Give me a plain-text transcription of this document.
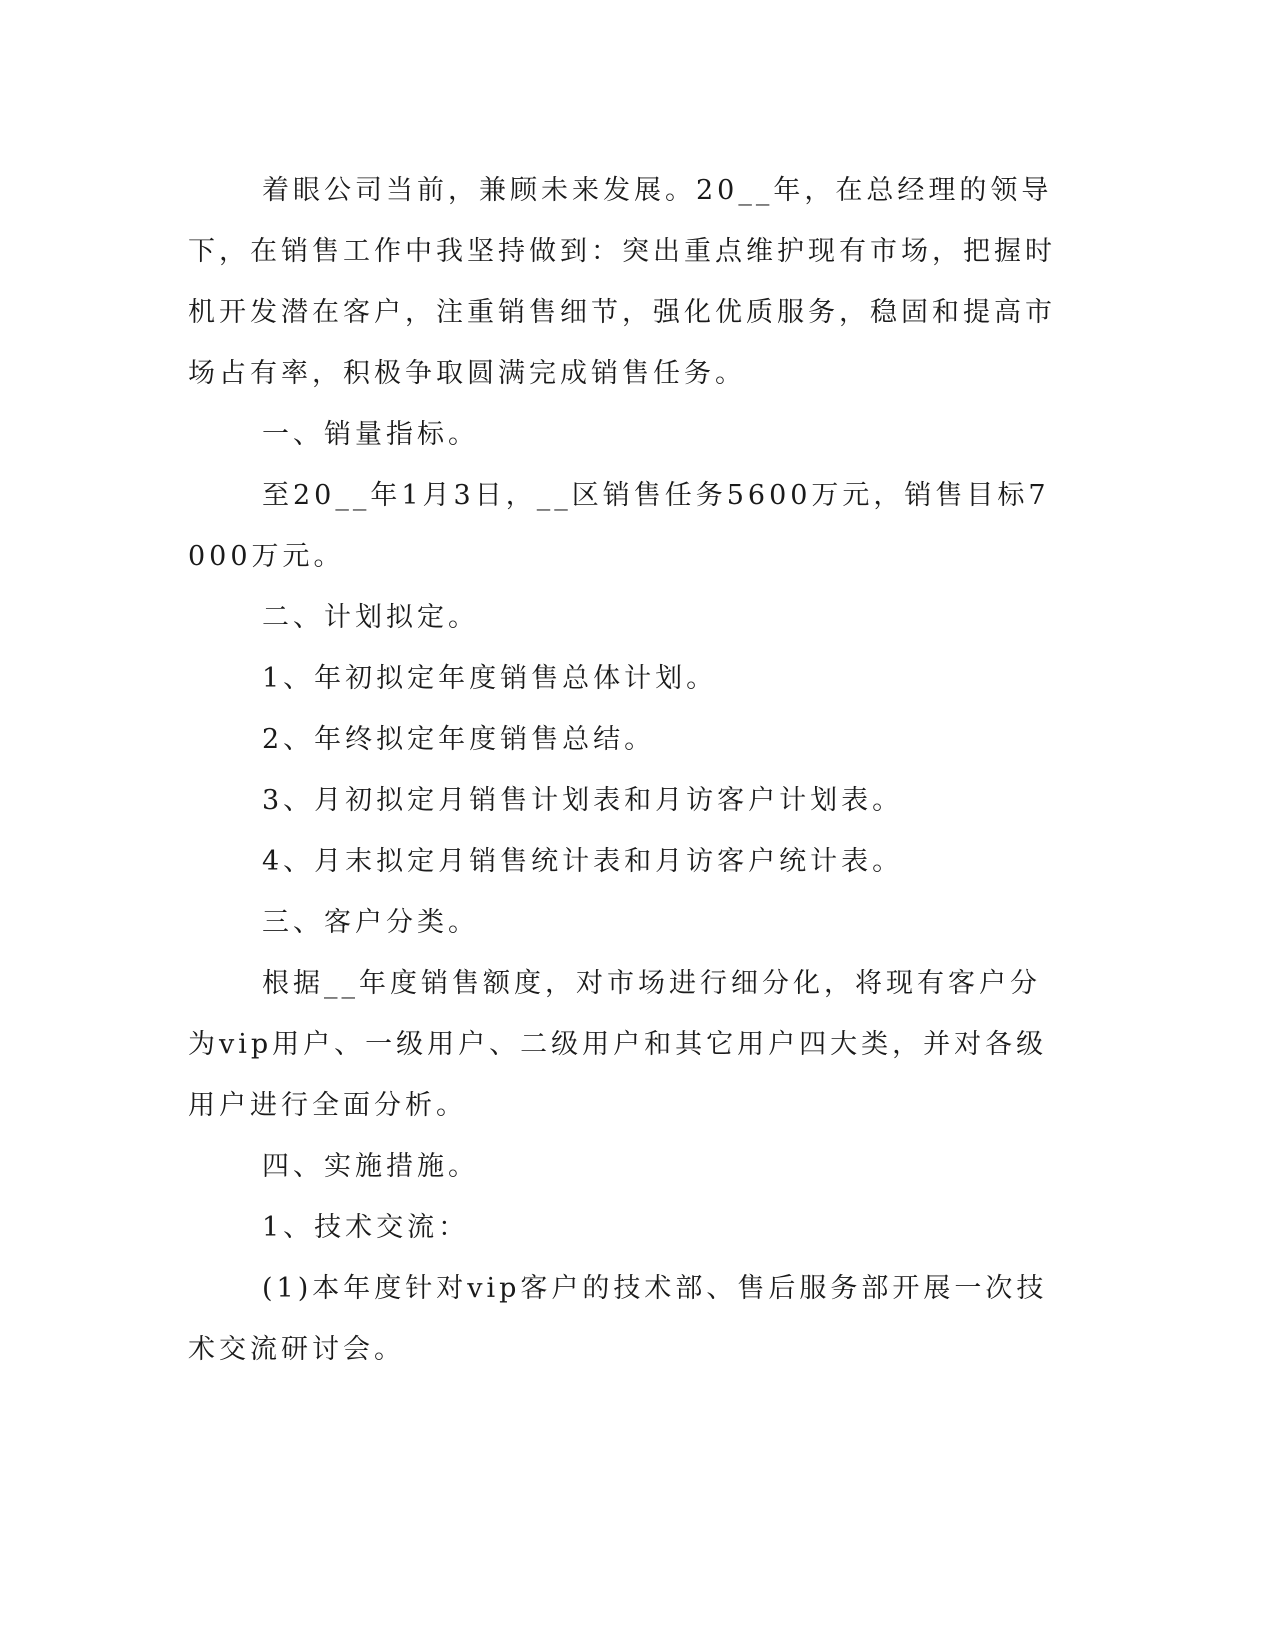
着眼公司当前，兼顾未来发展。20__年，在总经理的领导下，在销售工作中我坚持做到：突出重点维护现有市场，把握时机开发潜在客户，注重销售细节，强化优质服务，稳固和提高市场占有率，积极争取圆满完成销售任务。

一、销量指标。

至20__年1月3日，__区销售任务5600万元，销售目标7000万元。

二、计划拟定。

1、年初拟定年度销售总体计划。

2、年终拟定年度销售总结。

3、月初拟定月销售计划表和月访客户计划表。

4、月末拟定月销售统计表和月访客户统计表。

三、客户分类。

根据__年度销售额度，对市场进行细分化，将现有客户分为vip用户、一级用户、二级用户和其它用户四大类，并对各级用户进行全面分析。

四、实施措施。

1、技术交流：

(1)本年度针对vip客户的技术部、售后服务部开展一次技术交流研讨会。
